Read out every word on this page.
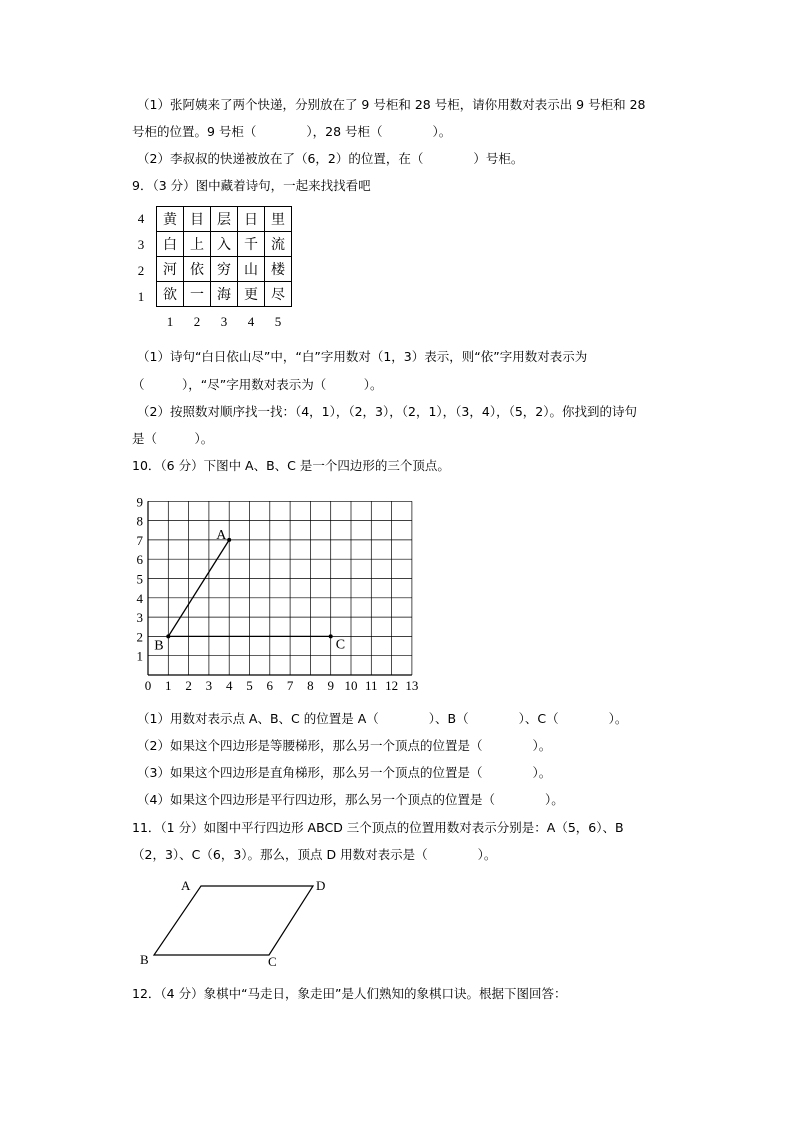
（1）张阿姨来了两个快递，分别放在了 9 号柜和 28 号柜，请你用数对表示出 9 号柜和 28
号柜的位置。9 号柜（　　　　），28 号柜（　　　　）。
（2）李叔叔的快递被放在了（6，2）的位置，在（　　　　）号柜。
9．（3 分）图中藏着诗句，一起来找找看吧
4	黄 目 层 日 里
3	白 上 入 千 流
2	河 依 穷 山 楼
1	欲 一 海 更 尽
1	2	3	4	5
（1）诗句“白日依山尽”中，“白”字用数对（1，3）表示，则“依”字用数对表示为
（　　　），“尽”字用数对表示为（　　　）。
（2）按照数对顺序找一找：（4，1），（2，3），（2，1），（3，4），（5，2）。你找到的诗句
是（　　　）。
10．（6 分）下图中 A、B、C 是一个四边形的三个顶点。
0 1 2 3 4 5 6 7 8 9 10 11 12 13
1
2
3
4
5
6
7
8
9
A
B	C
（1）用数对表示点 A、B、C 的位置是 A（　　　　）、B（　　　　）、C（　　　　）。
（2）如果这个四边形是等腰梯形，那么另一个顶点的位置是（　　　　）。
（3）如果这个四边形是直角梯形，那么另一个顶点的位置是（　　　　）。
（4）如果这个四边形是平行四边形，那么另一个顶点的位置是（　　　　）。
11．（1 分）如图中平行四边形 ABCD 三个顶点的位置用数对表示分别是：A（5，6）、B
（2，3）、C（6，3）。那么，顶点 D 用数对表示是（　　　　）。
A	D
B	C
12．（4 分）象棋中“马走日，象走田”是人们熟知的象棋口诀。根据下图回答：
